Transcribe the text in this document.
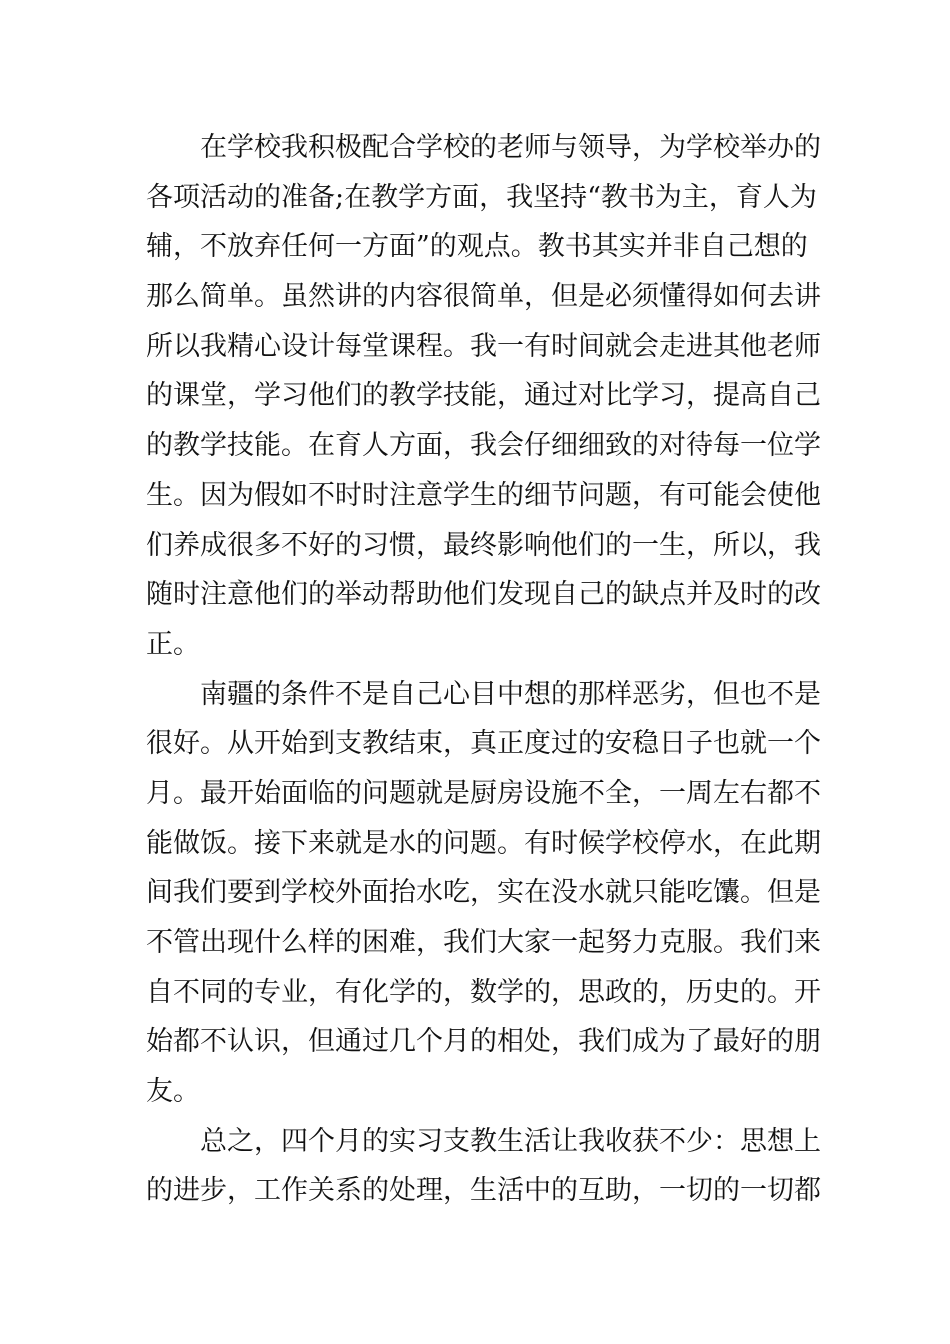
在学校我积极配合学校的老师与领导，为学校举办的
各项活动的准备;在教学方面，我坚持“教书为主，育人为
辅，不放弃任何一方面”的观点。教书其实并非自己想的
那么简单。虽然讲的内容很简单，但是必须懂得如何去讲
所以我精心设计每堂课程。我一有时间就会走进其他老师
的课堂，学习他们的教学技能，通过对比学习，提高自己
的教学技能。在育人方面，我会仔细细致的对待每一位学
生。因为假如不时时注意学生的细节问题，有可能会使他
们养成很多不好的习惯，最终影响他们的一生，所以，我
随时注意他们的举动帮助他们发现自己的缺点并及时的改
正。
南疆的条件不是自己心目中想的那样恶劣，但也不是
很好。从开始到支教结束，真正度过的安稳日子也就一个
月。最开始面临的问题就是厨房设施不全，一周左右都不
能做饭。接下来就是水的问题。有时候学校停水，在此期
间我们要到学校外面抬水吃，实在没水就只能吃馕。但是
不管出现什么样的困难，我们大家一起努力克服。我们来
自不同的专业，有化学的，数学的，思政的，历史的。开
始都不认识，但通过几个月的相处，我们成为了最好的朋
友。
总之，四个月的实习支教生活让我收获不少：思想上
的进步，工作关系的处理，生活中的互助，一切的一切都
